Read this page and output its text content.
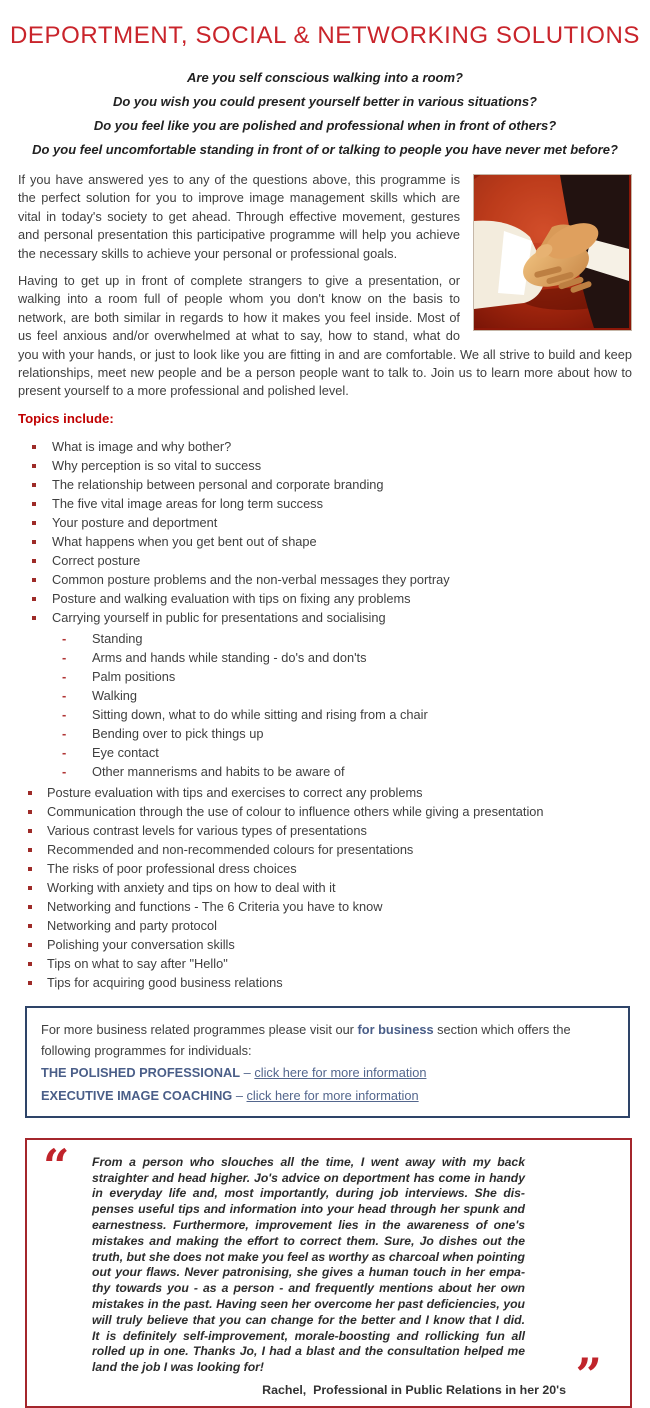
DEPORTMENT, SOCIAL & NETWORKING SOLUTIONS
Are you self conscious walking into a room?
Do you wish you could present yourself better in various situations?
Do you feel like you are polished and professional when in front of others?
Do you feel uncomfortable standing in front of or talking to people you have never met before?

If you have answered yes to any of the questions above, this programme is the perfect solution for you to improve image management skills which are vital in today's society to get ahead. Through effective movement, gestures and personal presentation this participative programme will help you achieve the necessary skills to achieve your personal or professional goals.

Having to get up in front of complete strangers to give a presentation, or walking into a room full of people whom you don't know on the basis to network, are both similar in regards to how it makes you feel inside. Most of us feel anxious and/or overwhelmed at what to say, how to stand, what do you with your hands, or just to look like you are fitting in and are comfortable. We all strive to build and keep relationships, meet new people and be a person people want to talk to. Join us to learn more about how to present yourself to a more professional and polished level.

Topics include:
What is image and why bother?
Why perception is so vital to success
The relationship between personal and corporate branding
The five vital image areas for long term success
Your posture and deportment
What happens when you get bent out of shape
Correct posture
Common posture problems and the non-verbal messages they portray
Posture and walking evaluation with tips on fixing any problems
Carrying yourself in public for presentations and socialising
- Standing
- Arms and hands while standing - do's and don'ts
- Palm positions
- Walking
- Sitting down, what to do while sitting and rising from a chair
- Bending over to pick things up
- Eye contact
- Other mannerisms and habits to be aware of
Posture evaluation with tips and exercises to correct any problems
Communication through the use of colour to influence others while giving a presentation
Various contrast levels for various types of presentations
Recommended and non-recommended colours for presentations
The risks of poor professional dress choices
Working with anxiety and tips on how to deal with it
Networking and functions - The 6 Criteria you have to know
Networking and party protocol
Polishing your conversation skills
Tips on what to say after "Hello"
Tips for acquiring good business relations
For more business related programmes please visit our for business section which offers the following programmes for individuals:
THE POLISHED PROFESSIONAL – click here for more information
EXECUTIVE IMAGE COACHING – click here for more information
“ From a person who slouches all the time, I went away with my back
straighter and head higher. Jo's advice on deportment has come in handy
in everyday life and, most importantly, during job interviews. She dis-
penses useful tips and information into your head through her spunk and
earnestness. Furthermore, improvement lies in the awareness of one's
mistakes and making the effort to correct them. Sure, Jo dishes out the
truth, but she does not make you feel as worthy as charcoal when pointing
out your flaws. Never patronising, she gives a human touch in her empa-
thy towards you - as a person - and frequently mentions about her own
mistakes in the past. Having seen her overcome her past deficiencies, you
will truly believe that you can change for the better and I know that I did.
It is definitely self-improvement, morale-boosting and rollicking fun all
rolled up in one. Thanks Jo, I had a blast and the consultation helped me
land the job I was looking for!
Rachel,  Professional in Public Relations in her 20's ”
